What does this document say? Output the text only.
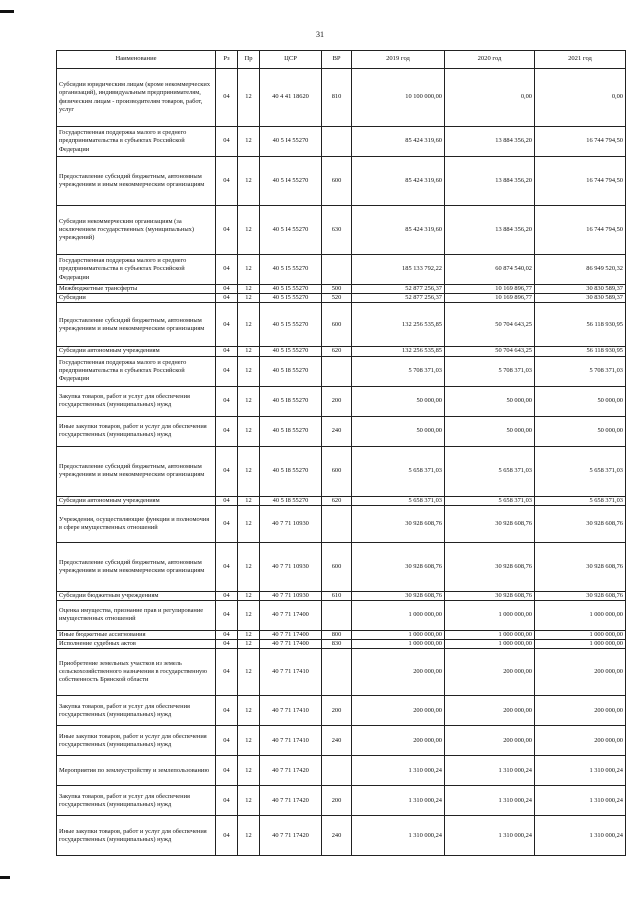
31
Наименование	Рз	Пр	ЦСР	ВР	2019 год	2020 год	2021 год
Субсидии юридическим лицам (кроме некоммерческих организаций), индивидуальным предпринимателям, физическим лицам - производителям товаров, работ, услуг	04	12	40 4 41 18620	810	10 100 000,00	0,00	0,00
Государственная поддержка малого и среднего предпринимательства в субъектах Российской Федерации	04	12	40 5 I4 55270		85 424 319,60	13 884 356,20	16 744 794,50
Предоставление субсидий бюджетным, автономным учреждениям и иным некоммерческим организациям	04	12	40 5 I4 55270	600	85 424 319,60	13 884 356,20	16 744 794,50
Субсидии некоммерческим организациям (за исключением государственных (муниципальных) учреждений)	04	12	40 5 I4 55270	630	85 424 319,60	13 884 356,20	16 744 794,50
Государственная поддержка малого и среднего предпринимательства в субъектах Российской Федерации	04	12	40 5 I5 55270		185 133 792,22	60 874 540,02	86 949 520,32
Межбюджетные трансферты	04	12	40 5 I5 55270	500	52 877 256,37	10 169 896,77	30 830 589,37
Субсидии	04	12	40 5 I5 55270	520	52 877 256,37	10 169 896,77	30 830 589,37
Предоставление субсидий бюджетным, автономным учреждениям и иным некоммерческим организациям	04	12	40 5 I5 55270	600	132 256 535,85	50 704 643,25	56 118 930,95
Субсидии автономным учреждениям	04	12	40 5 I5 55270	620	132 256 535,85	50 704 643,25	56 118 930,95
Государственная поддержка малого и среднего предпринимательства в субъектах Российской Федерации	04	12	40 5 I8 55270		5 708 371,03	5 708 371,03	5 708 371,03
Закупка товаров, работ и услуг для обеспечения государственных (муниципальных) нужд	04	12	40 5 I8 55270	200	50 000,00	50 000,00	50 000,00
Иные закупки товаров, работ и услуг для обеспечения государственных (муниципальных) нужд	04	12	40 5 I8 55270	240	50 000,00	50 000,00	50 000,00
Предоставление субсидий бюджетным, автономным учреждениям и иным некоммерческим организациям	04	12	40 5 I8 55270	600	5 658 371,03	5 658 371,03	5 658 371,03
Субсидии автономным учреждениям	04	12	40 5 I8 55270	620	5 658 371,03	5 658 371,03	5 658 371,03
Учреждения, осуществляющие функции и полномочия в сфере имущественных отношений	04	12	40 7 71 10930		30 928 608,76	30 928 608,76	30 928 608,76
Предоставление субсидий бюджетным, автономным учреждениям и иным некоммерческим организациям	04	12	40 7 71 10930	600	30 928 608,76	30 928 608,76	30 928 608,76
Субсидии бюджетным учреждениям	04	12	40 7 71 10930	610	30 928 608,76	30 928 608,76	30 928 608,76
Оценка имущества, признание прав и регулирование имущественных отношений	04	12	40 7 71 17400		1 000 000,00	1 000 000,00	1 000 000,00
Иные бюджетные ассигнования	04	12	40 7 71 17400	800	1 000 000,00	1 000 000,00	1 000 000,00
Исполнение судебных актов	04	12	40 7 71 17400	830	1 000 000,00	1 000 000,00	1 000 000,00
Приобретение земельных участков из земель сельскохозяйственного назначения в государственную собственность Брянской области	04	12	40 7 71 17410		200 000,00	200 000,00	200 000,00
Закупка товаров, работ и услуг для обеспечения государственных (муниципальных) нужд	04	12	40 7 71 17410	200	200 000,00	200 000,00	200 000,00
Иные закупки товаров, работ и услуг для обеспечения государственных (муниципальных) нужд	04	12	40 7 71 17410	240	200 000,00	200 000,00	200 000,00
Мероприятия по землеустройству и землепользованию	04	12	40 7 71 17420		1 310 000,24	1 310 000,24	1 310 000,24
Закупка товаров, работ и услуг для обеспечения государственных (муниципальных) нужд	04	12	40 7 71 17420	200	1 310 000,24	1 310 000,24	1 310 000,24
Иные закупки товаров, работ и услуг для обеспечения государственных (муниципальных) нужд	04	12	40 7 71 17420	240	1 310 000,24	1 310 000,24	1 310 000,24
